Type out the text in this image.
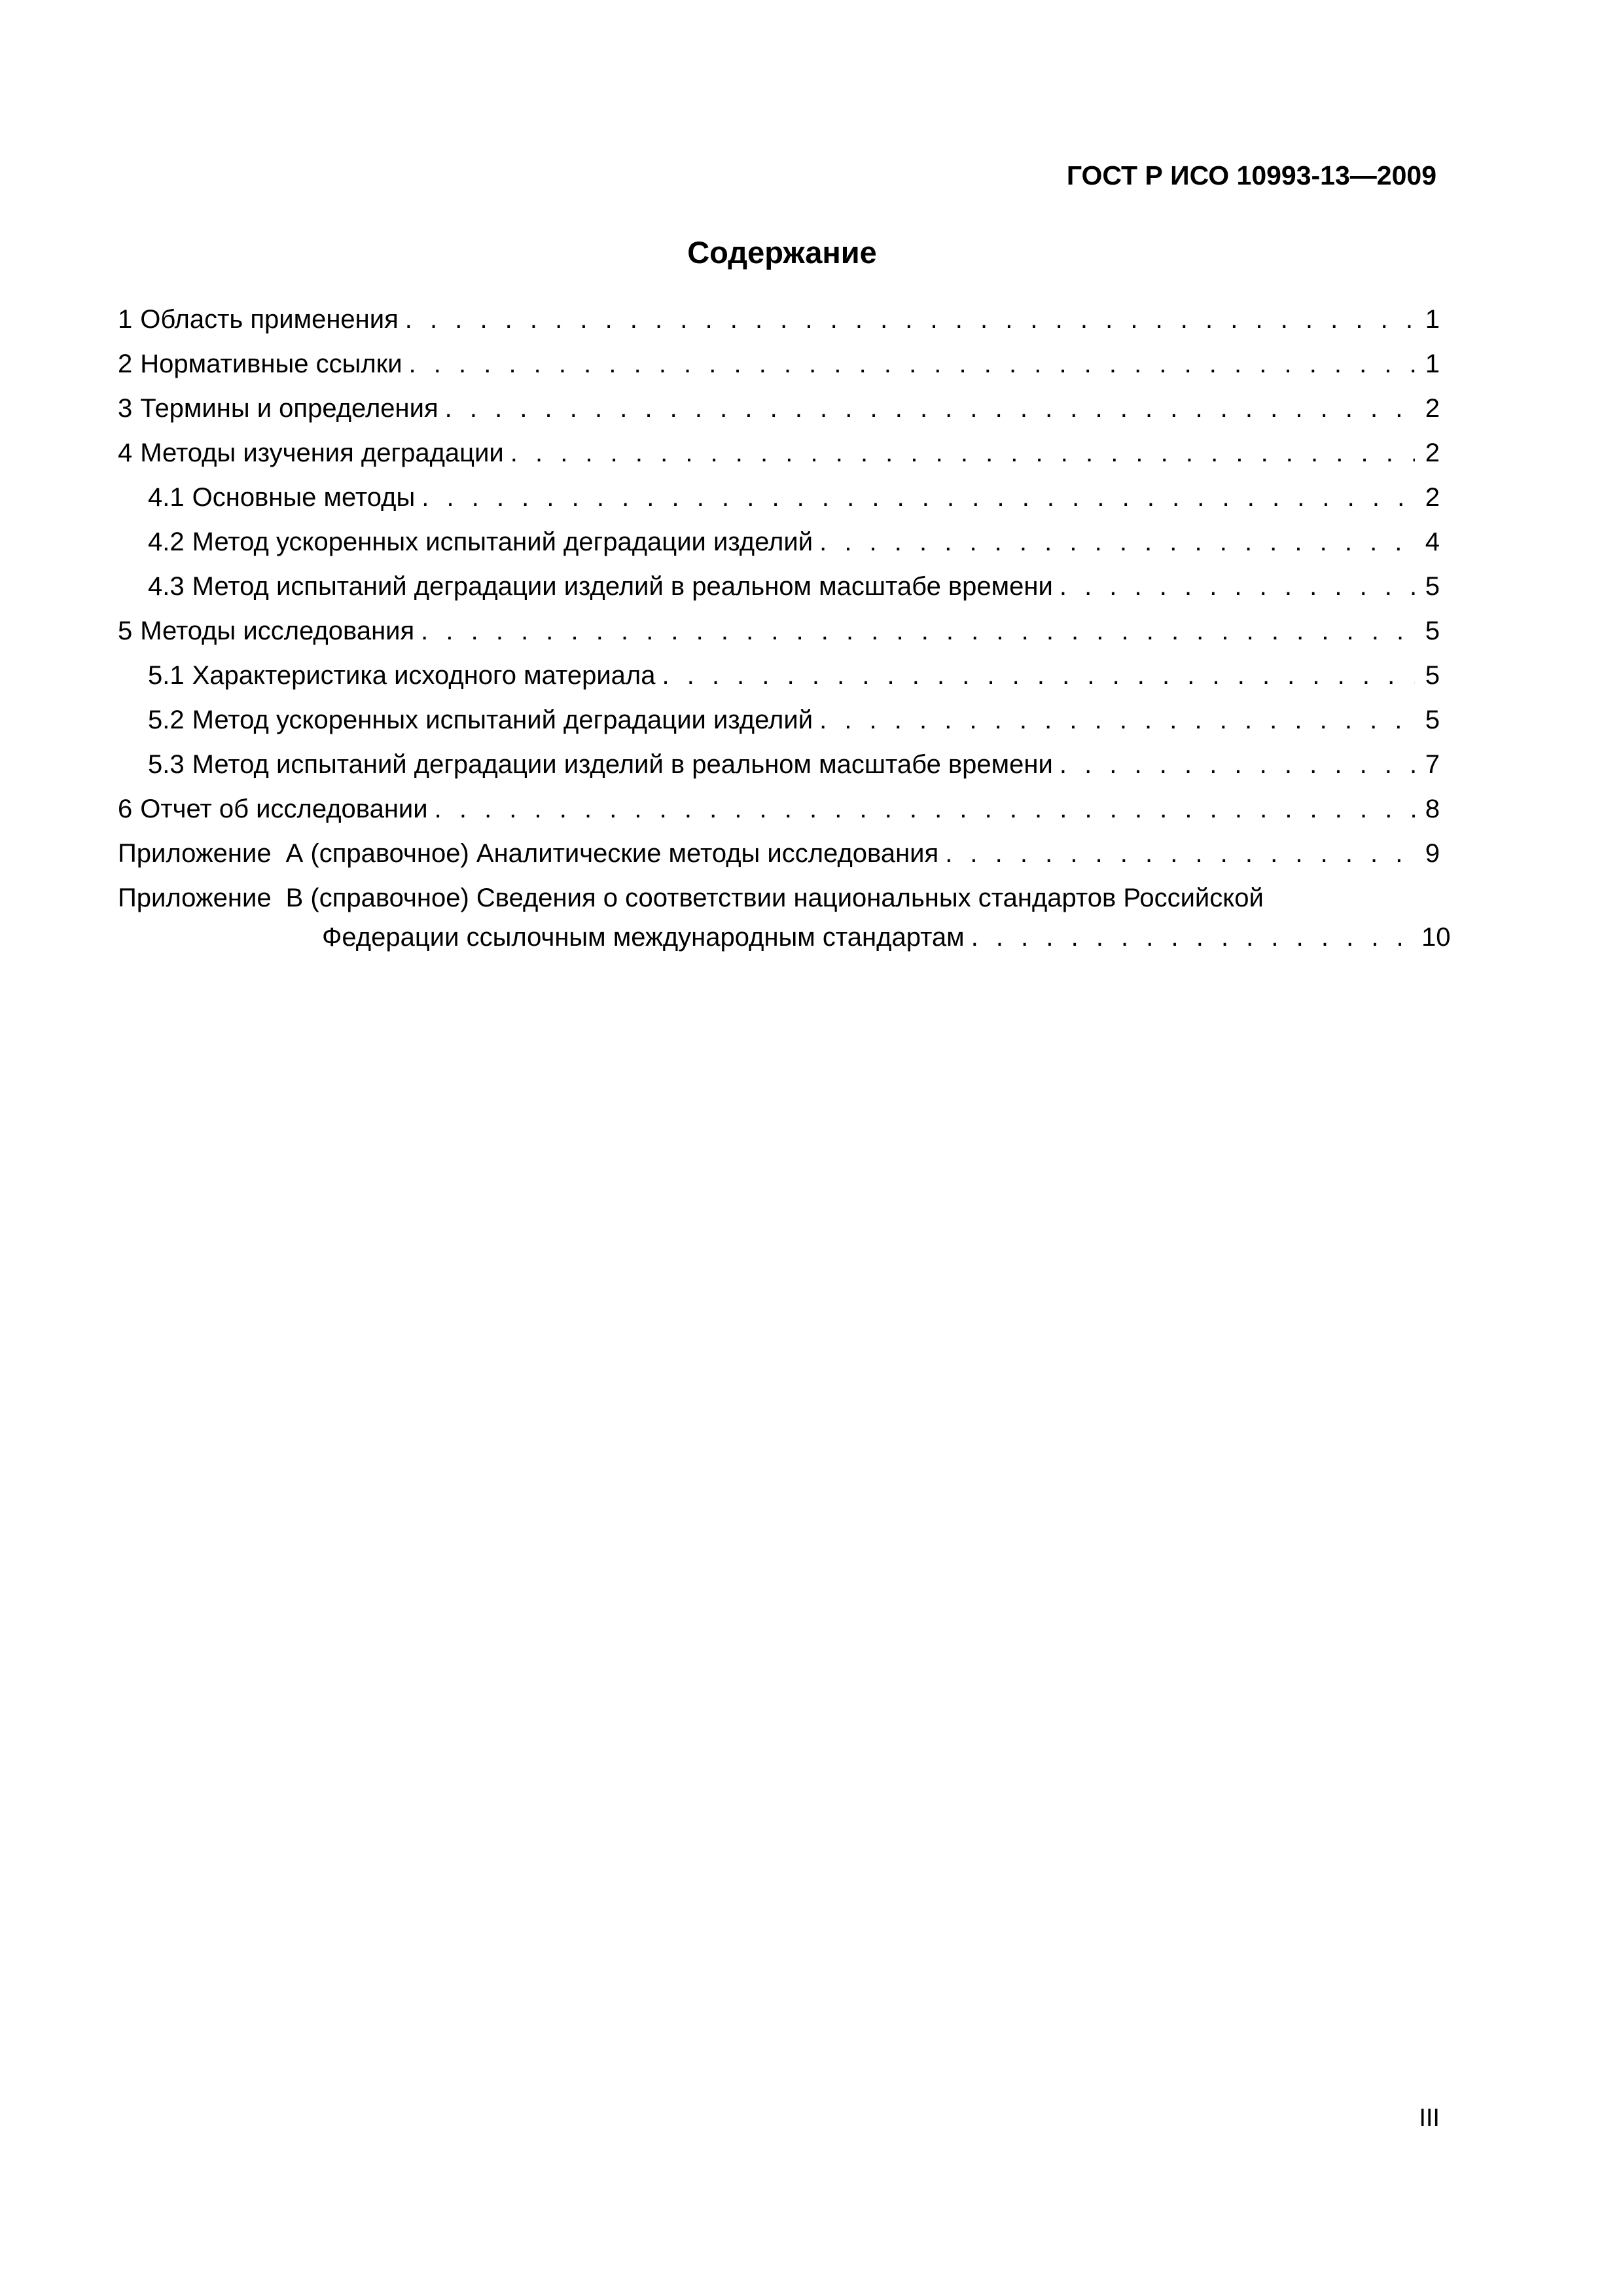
ГОСТ Р ИСО 10993-13—2009
Содержание
1 Область применения . . .	1
2 Нормативные ссылки . . .	1
3 Термины и определения . . .	2
4 Методы изучения деградации . . .	2
4.1 Основные методы . . .	2
4.2 Метод ускоренных испытаний деградации изделий . . .	4
4.3 Метод испытаний деградации изделий в реальном масштабе времени . . .	5
5 Методы исследования . . .	5
5.1 Характеристика исходного материала . . .	5
5.2 Метод ускоренных испытаний деградации изделий . . .	5
5.3 Метод испытаний деградации изделий в реальном масштабе времени . . .	7
6 Отчет об исследовании . . .	8
Приложение А (справочное) Аналитические методы исследования . . .	9
Приложение В (справочное) Сведения о соответствии национальных стандартов Российской
Федерации ссылочным международным стандартам . . .	10
III
